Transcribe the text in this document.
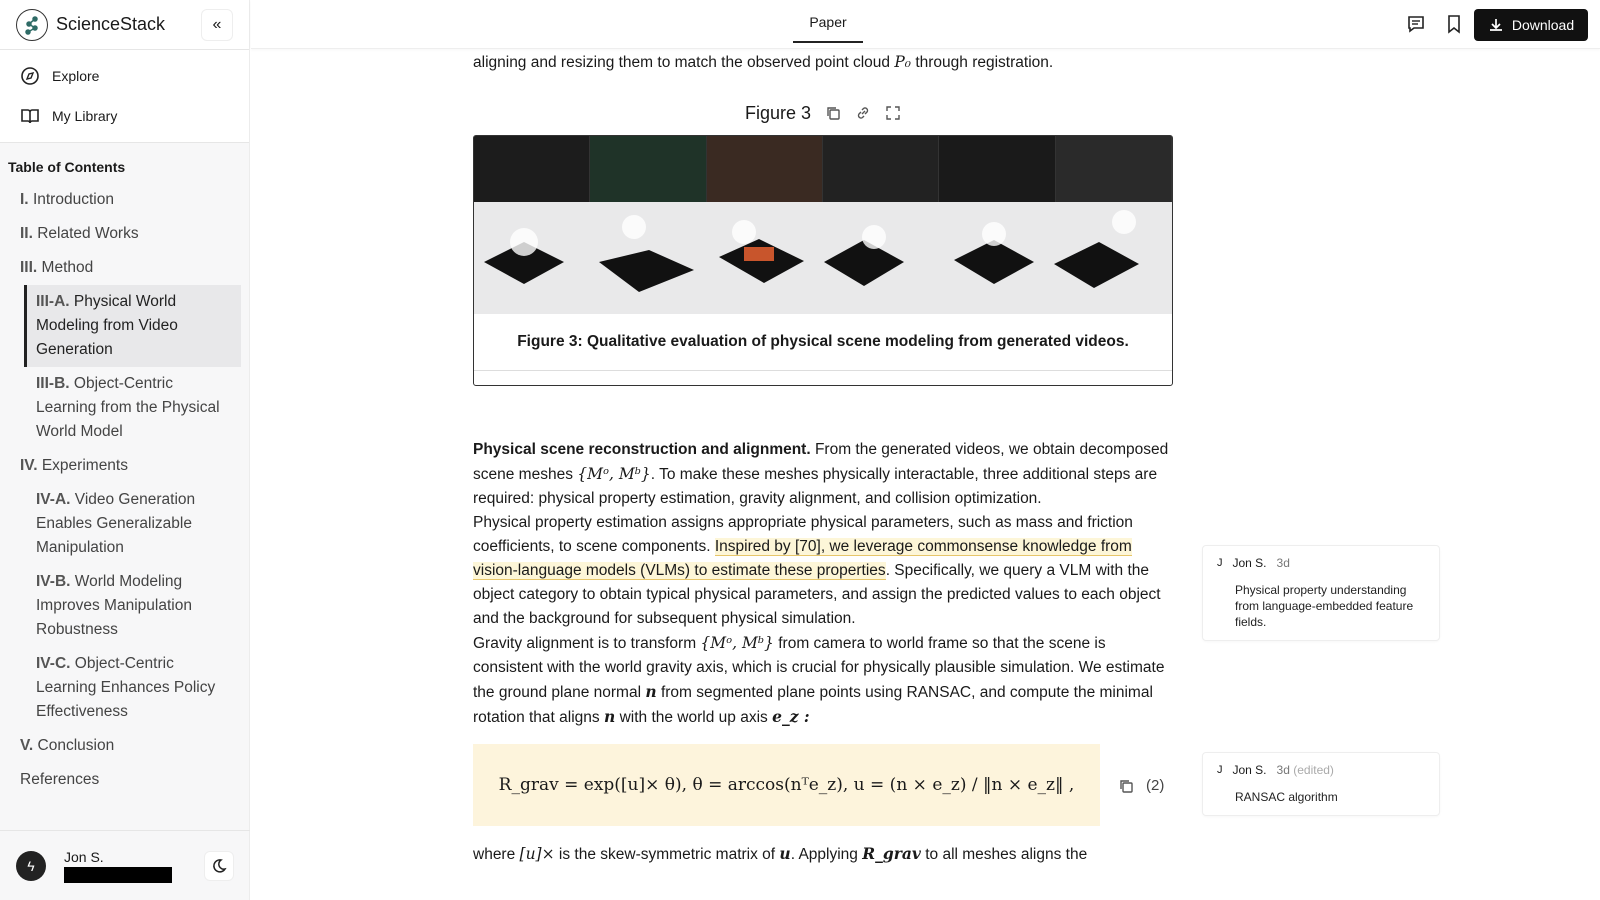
ScienceStack	«
Explore
My Library
Table of Contents
I. Introduction
II. Related Works
III. Method
III-A. Physical World Modeling from Video Generation
III-B. Object-Centric Learning from the Physical World Model
IV. Experiments
IV-A. Video Generation Enables Generalizable Manipulation
IV-B. World Modeling Improves Manipulation Robustness
IV-C. Object-Centric Learning Enhances Policy Effectiveness
V. Conclusion
References
ϟ
Jon S.
Paper	Download

aligning and resizing them to match the observed point cloud P₀ through registration.

Figure 3
Figure 3: Qualitative evaluation of physical scene modeling from generated videos.

Physical scene reconstruction and alignment. From the generated videos, we obtain decomposed scene meshes {Mᵒ, Mᵇ}. To make these meshes physically interactable, three additional steps are required: physical property estimation, gravity alignment, and collision optimization.

Physical property estimation assigns appropriate physical parameters, such as mass and friction coefficients, to scene components. Inspired by [70], we leverage commonsense knowledge from vision-language models (VLMs) to estimate these properties. Specifically, we query a VLM with the object category to obtain typical physical parameters, and assign the predicted values to each object and the background for subsequent physical simulation.

Gravity alignment is to transform {Mᵒ, Mᵇ} from camera to world frame so that the scene is consistent with the world gravity axis, which is crucial for physically plausible simulation. We estimate the ground plane normal n from segmented plane points using RANSAC, and compute the minimal rotation that aligns n with the world up axis e_z :

R_grav = exp([u]× θ), θ = arccos(nᵀe_z), u = (n × e_z) / ‖n × e_z‖ ,	(2)

where [u]× is the skew-symmetric matrix of u. Applying R_grav to all meshes aligns the

J Jon S. 3d
Physical property understanding from language-embedded feature fields.
J Jon S. 3d (edited)
RANSAC algorithm
